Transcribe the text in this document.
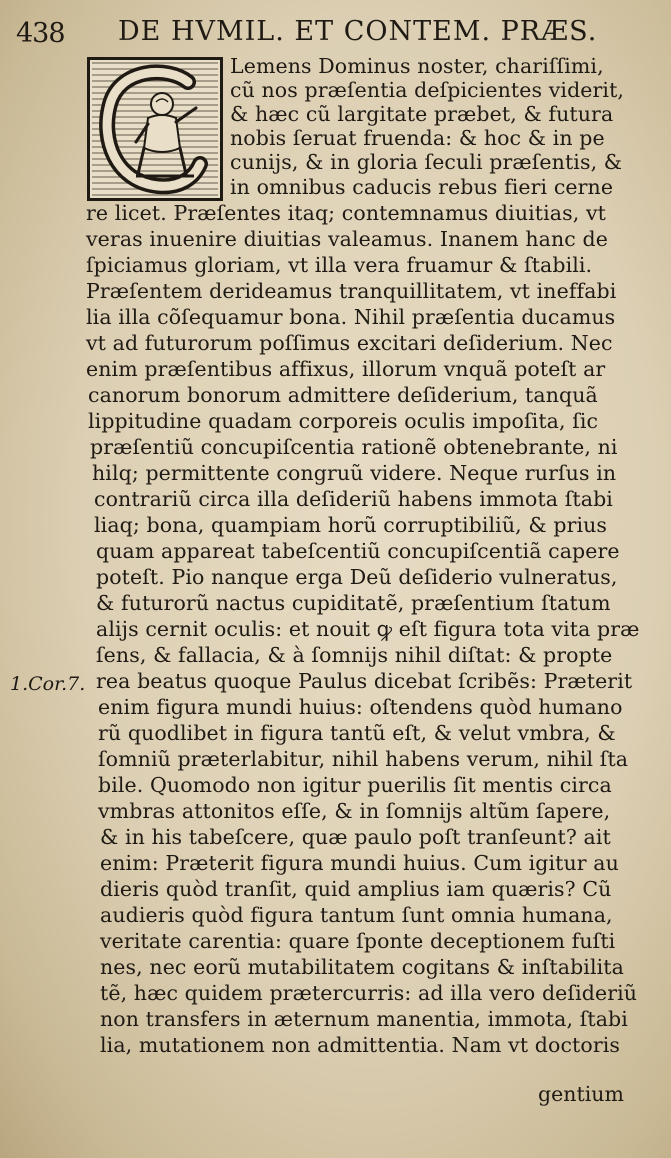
438 DE HVMIL. ET CONTEM. PRÆS.
Lemens Dominus noster, chariſſimi,
cũ nos præſentia deſpicientes viderit,
& hæc cũ largitate præbet, & futura
nobis ſeruat fruenda: & hoc & in pe
cunijs, & in gloria ſeculi præſentis, &
in omnibus caducis rebus fieri cerne
re licet. Præſentes itaq; contemnamus diuitias, vt
veras inuenire diuitias valeamus. Inanem hanc de
ſpiciamus gloriam, vt illa vera fruamur & ſtabili.
Præſentem derideamus tranquillitatem, vt ineffabi
lia illa cõſequamur bona. Nihil præſentia ducamus
vt ad futurorum poſſimus excitari deſiderium. Nec
enim præſentibus affixus, illorum vnquã poteſt ar
canorum bonorum admittere deſiderium, tanquã
lippitudine quadam corporeis oculis impoſita, ſic
præſentiũ concupiſcentia rationẽ obtenebrante, ni
hilq; permittente congruũ videre. Neque rurſus in
contrariũ circa illa deſideriũ habens immota ſtabi
liaq; bona, quampiam horũ corruptibiliũ, & prius
quam appareat tabeſcentiũ concupiſcentiã capere
poteſt. Pio nanque erga Deũ deſiderio vulneratus,
& futurorũ nactus cupiditatẽ, præſentium ſtatum
alijs cernit oculis: et nouit ꝙ eſt figura tota vita præ
ſens, & fallacia, & à ſomnijs nihil diſtat: & propte
rea beatus quoque Paulus dicebat ſcribẽs: Præterit
enim figura mundi huius: oſtendens quòd humano
rũ quodlibet in figura tantũ eſt, & velut vmbra, &
ſomniũ præterlabitur, nihil habens verum, nihil ſta
bile. Quomodo non igitur puerilis ſit mentis circa
vmbras attonitos eſſe, & in ſomnijs altũm ſapere,
& in his tabeſcere, quæ paulo poſt tranſeunt? ait
enim: Præterit figura mundi huius. Cum igitur au
dieris quòd tranſit, quid amplius iam quæris? Cũ
audieris quòd figura tantum ſunt omnia humana,
veritate carentia: quare ſponte deceptionem fuſti
nes, nec eorũ mutabilitatem cogitans & inſtabilita
tẽ, hæc quidem prætercurris: ad illa vero deſideriũ
non transfers in æternum manentia, immota, ſtabi
lia, mutationem non admittentia. Nam vt doctoris
1.Cor.7.
gentium
